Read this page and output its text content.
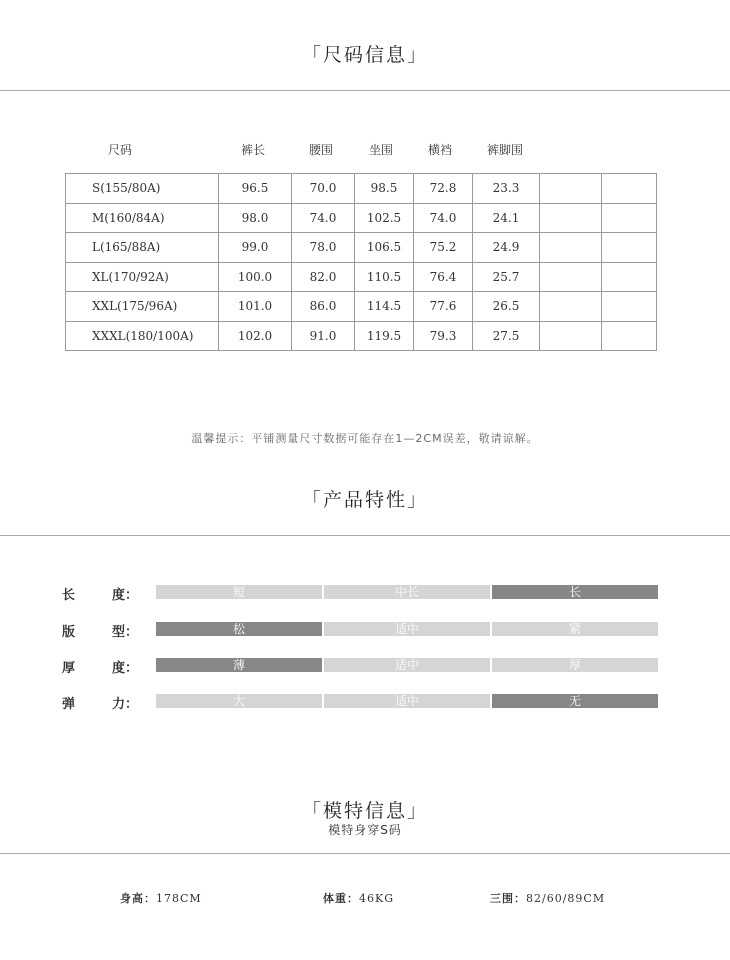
「尺码信息」
尺码	裤长	腰围	坐围	横裆	裤脚围
S(155/80A)	96.5	70.0	98.5	72.8	23.3		
M(160/84A)	98.0	74.0	102.5	74.0	24.1		
L(165/88A)	99.0	78.0	106.5	75.2	24.9		
XL(170/92A)	100.0	82.0	110.5	76.4	25.7		
XXL(175/96A)	101.0	86.0	114.5	77.6	26.5		
XXXL(180/100A)	102.0	91.0	119.5	79.3	27.5		
温馨提示：平铺测量尺寸数据可能存在1—2CM误差，敬请谅解。
「产品特性」
长	度：	短	中长	长
版	型：	松	适中	紧
厚	度：	薄	适中	厚
弹	力：	大	适中	无
「模特信息」
模特身穿S码
身高：178CM	体重：46KG	三围：82/60/89CM
